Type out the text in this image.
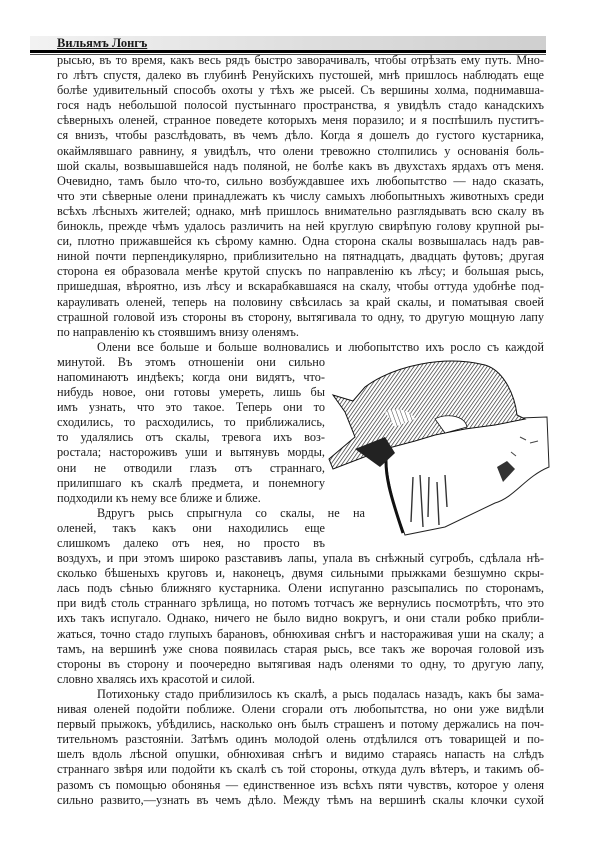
Вильямъ Лонгъ
рысью, въ то время, какъ весь рядъ быстро заворачивалъ, чтобы отрѣзать ему путь. Мно-
го лѣтъ спустя, далеко въ глубинѣ Ренуйскихъ пустошей, мнѣ пришлось наблюдать еще
болѣе удивительный способъ охоты у тѣхъ же рысей. Съ вершины холма, поднимавша-
гося надъ небольшой полосой пустыннаго пространства, я увидѣлъ стадо канадскихъ
сѣверныхъ оленей, странное поведете которыхъ меня поразило; и я поспѣшилъ пуститъ-
ся внизъ, чтобы разслѣдовать, въ чемъ дѣло. Когда я дошелъ до густого кустарника,
окаймлявшаго равнину, я увидѣлъ, что олени тревожно столпились у основанія боль-
шой скалы, возвышавшейся надъ поляной, не болѣе какъ въ двухстахъ ярдахъ отъ меня.
Очевидно, тамъ было что-то, сильно возбуждавшее ихъ любопытство — надо сказать,
что эти сѣверные олени принадлежатъ къ числу самыхъ любопытныхъ животныхъ среди
всѣхъ лѣсныхъ жителей; однако, мнѣ пришлось внимательно разглядывать всю скалу въ
бинокль, прежде чѣмъ удалось различить на ней круглую свирѣпую голову крупной ры-
си, плотно прижавшейся къ сѣрому камню. Одна сторона скалы возвышалась надъ рав-
ниной почти перпендикулярно, приблизительно на пятнадцать, двадцать футовъ; другая
сторона ея образовала менѣе крутой спускъ по направленію къ лѣсу; и большая рысь,
пришедшая, вѣроятно, изъ лѣсу и вскарабкавшаяся на скалу, чтобы оттуда удобнѣе под-
карауливать оленей, теперь на половину свѣсилась за край скалы, и поматывая своей
страшной головой изъ стороны въ сторону, вытягивала то одну, то другую мощную лапу
по направленію къ стоявшимъ внизу оленямъ.
Олени все больше и больше волновались и любопытство ихъ росло съ каждой
минутой. Въ этомъ отношеніи они сильно
напоминаютъ индѣекъ; когда они видятъ, что-
нибудь новое, они готовы умереть, лишь бы
имъ узнать, что это такое. Теперь они то
сходились, то расходились, то приближались,
то удалялись отъ скалы, тревога ихъ воз-
ростала; насторoживъ уши и вытянувъ морды,
они не отводили глазъ отъ страннаго,
прилипшаго къ скалѣ предмета, и понемногу
подходили къ нему все ближе и ближе.
Вдругъ рысь спрыгнула со скалы, не на
оленей, такъ какъ они находились еще
слишкомъ далеко отъ нея, но просто въ
воздухъ, и при этомъ широко разставивъ лапы, упала въ снѣжный сугробъ, сдѣлала нѣ-
сколько бѣшеныхъ круговъ и, наконецъ, двумя сильными прыжками безшумно скры-
лась подъ сѣнью ближняго кустарника. Олени испуганно разсыпались по сторонамъ,
при видѣ столь страннаго зрѣлища, но потомъ тотчасъ же вернулись посмотрѣть, что это
ихъ такъ испугало. Однако, ничего не было видно вокругъ, и они стали робко прибли-
жаться, точно стадо глупыхъ барановъ, обнюхивая снѣгъ и настораживая уши на скалу; а
тамъ, на вершинѣ уже снова появилась старая рысь, все такъ же ворочая головой изъ
стороны въ сторону и поочередно вытягивая надъ оленями то одну, то другую лапу,
словно хвалясь ихъ красотой и силой.
Потихоньку стадо приблизилось къ скалѣ, а рысь подалась назадъ, какъ бы зама-
нивая оленей подойти поближе. Олени сгорали отъ любопытства, но они уже видѣли
первый прыжокъ, убѣдились, насколько онъ былъ страшенъ и потому держались на поч-
тительномъ разстояніи. Затѣмъ одинъ молодой олень отдѣлился отъ товарищей и по-
шелъ вдоль лѣсной опушки, обнюхивая снѣгъ и видимо стараясь напасть на слѣдъ
страннаго звѣря или подойти къ скалѣ съ той стороны, откуда дулъ вѣтеръ, и такимъ об-
разомъ съ помощью обонянья — единственное изъ всѣхъ пяти чувствъ, которое у оленя
сильно развито,—узнать въ чемъ дѣло. Между тѣмъ на вершинѣ скалы клочки сухой
